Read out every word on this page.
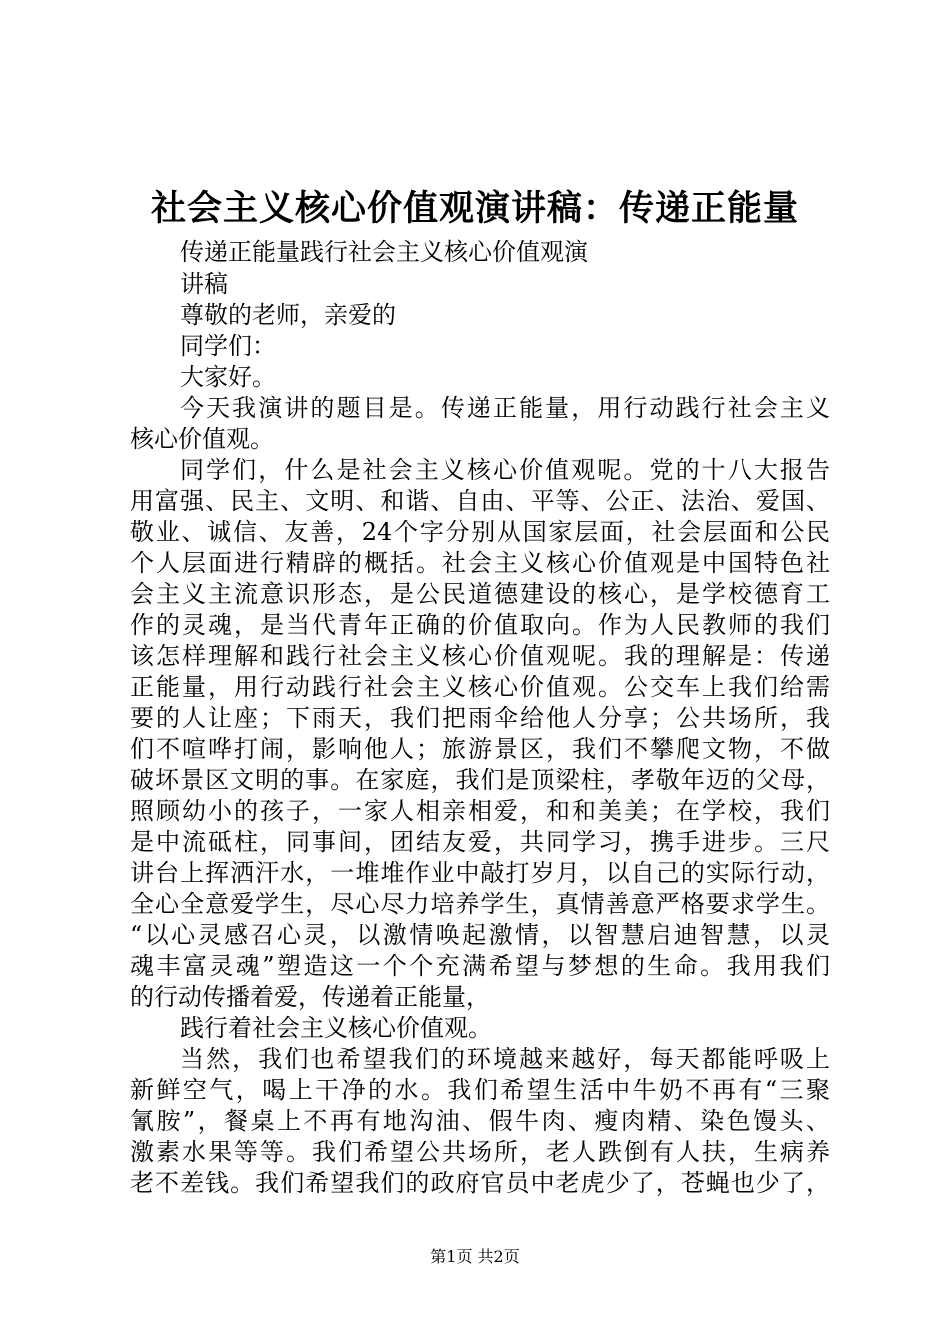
社会主义核心价值观演讲稿：传递正能量
传递正能量践行社会主义核心价值观演
讲稿
尊敬的老师，亲爱的
同学们：
大家好。
今天我演讲的题目是。传递正能量，用行动践行社会主义
核心价值观。
同学们，什么是社会主义核心价值观呢。党的十八大报告
用富强、民主、文明、和谐、自由、平等、公正、法治、爱国、
敬业、诚信、友善，24个字分别从国家层面，社会层面和公民
个人层面进行精辟的概括。社会主义核心价值观是中国特色社
会主义主流意识形态，是公民道德建设的核心，是学校德育工
作的灵魂，是当代青年正确的价值取向。作为人民教师的我们
该怎样理解和践行社会主义核心价值观呢。我的理解是：传递
正能量，用行动践行社会主义核心价值观。公交车上我们给需
要的人让座；下雨天，我们把雨伞给他人分享；公共场所，我
们不喧哗打闹，影响他人；旅游景区，我们不攀爬文物，不做
破坏景区文明的事。在家庭，我们是顶梁柱，孝敬年迈的父母，
照顾幼小的孩子，一家人相亲相爱，和和美美；在学校，我们
是中流砥柱，同事间，团结友爱，共同学习，携手进步。三尺
讲台上挥洒汗水，一堆堆作业中敲打岁月，以自己的实际行动，
全心全意爱学生，尽心尽力培养学生，真情善意严格要求学生。
“以心灵感召心灵，以激情唤起激情，以智慧启迪智慧，以灵
魂丰富灵魂”塑造这一个个充满希望与梦想的生命。我用我们
的行动传播着爱，传递着正能量，
践行着社会主义核心价值观。
当然，我们也希望我们的环境越来越好，每天都能呼吸上
新鲜空气，喝上干净的水。我们希望生活中牛奶不再有“三聚
氰胺”，餐桌上不再有地沟油、假牛肉、瘦肉精、染色馒头、
激素水果等等。我们希望公共场所，老人跌倒有人扶，生病养
老不差钱。我们希望我们的政府官员中老虎少了，苍蝇也少了，
第1页 共2页
